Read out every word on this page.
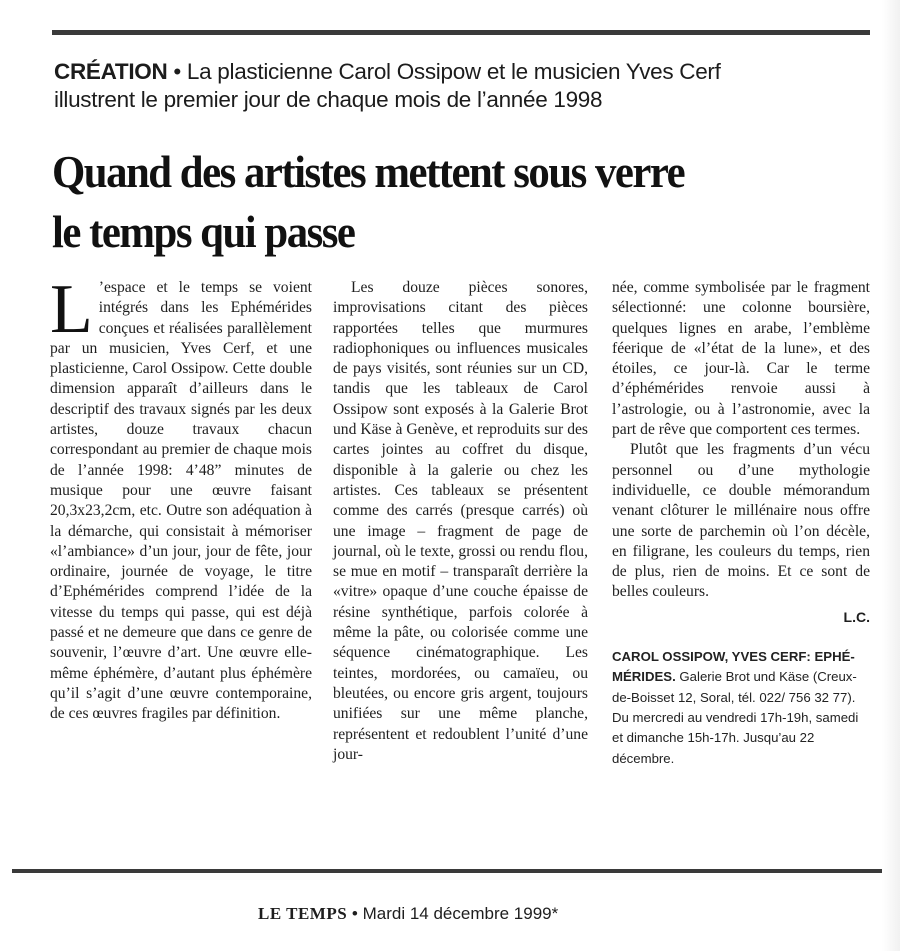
CRÉATION • La plasticienne Carol Ossipow et le musicien Yves Cerf
illustrent le premier jour de chaque mois de l’année 1998
Quand des artistes mettent sous verre
le temps qui passe
L ’espace et le temps se voient intégrés dans les Ephémérides conçues et réalisées parallèlement par un musicien, Yves Cerf, et une plasticienne, Carol Ossipow. Cette double dimension apparaît d’ailleurs dans le descriptif des travaux signés par les deux artistes, douze travaux chacun correspondant au premier de chaque mois de l’année 1998: 4’48” minutes de musique pour une œuvre faisant 20,3x23,2cm, etc. Outre son adéquation à la démarche, qui consistait à mémoriser «l’ambiance» d’un jour, jour de fête, jour ordinaire, journée de voyage, le titre d’Ephémérides comprend l’idée de la vitesse du temps qui passe, qui est déjà passé et ne demeure que dans ce genre de souvenir, l’œuvre d’art. Une œuvre elle-même éphémère, d’autant plus éphémère qu’il s’agit d’une œuvre contemporaine, de ces œuvres fragiles par définition.

Les douze pièces sonores, improvisations citant des pièces rapportées telles que murmures radiophoniques ou influences musicales de pays visités, sont réunies sur un CD, tandis que les tableaux de Carol Ossipow sont exposés à la Galerie Brot und Käse à Genève, et reproduits sur des cartes jointes au coffret du disque, disponible à la galerie ou chez les artistes. Ces tableaux se présentent comme des carrés (presque carrés) où une image – fragment de page de journal, où le texte, grossi ou rendu flou, se mue en motif – transparaît derrière la «vitre» opaque d’une couche épaisse de résine synthétique, parfois colorée à même la pâte, ou colorisée comme une séquence cinématographique. Les teintes, mordorées, ou camaïeu, ou bleutées, ou encore gris argent, toujours unifiées sur une même planche, représentent et redoublent l’unité d’une jour-

née, comme symbolisée par le fragment sélectionné: une colonne boursière, quelques lignes en arabe, l’emblème féerique de «l’état de la lune», et des étoiles, ce jour-là. Car le terme d’éphémérides renvoie aussi à l’astrologie, ou à l’astronomie, avec la part de rêve que comportent ces termes.

Plutôt que les fragments d’un vécu personnel ou d’une mythologie individuelle, ce double mémorandum venant clôturer le millénaire nous offre une sorte de parchemin où l’on décèle, en filigrane, les couleurs du temps, rien de plus, rien de moins. Et ce sont de belles couleurs.

L.C.
CAROL OSSIPOW, YVES CERF: EPHÉ- MÉRIDES. Galerie Brot und Käse (Creux-de-Boisset 12, Soral, tél. 022/ 756 32 77). Du mercredi au vendredi 17h-19h, samedi et dimanche 15h-17h. Jusqu’au 22 décembre.
LE TEMPS • Mardi 14 décembre 1999*
